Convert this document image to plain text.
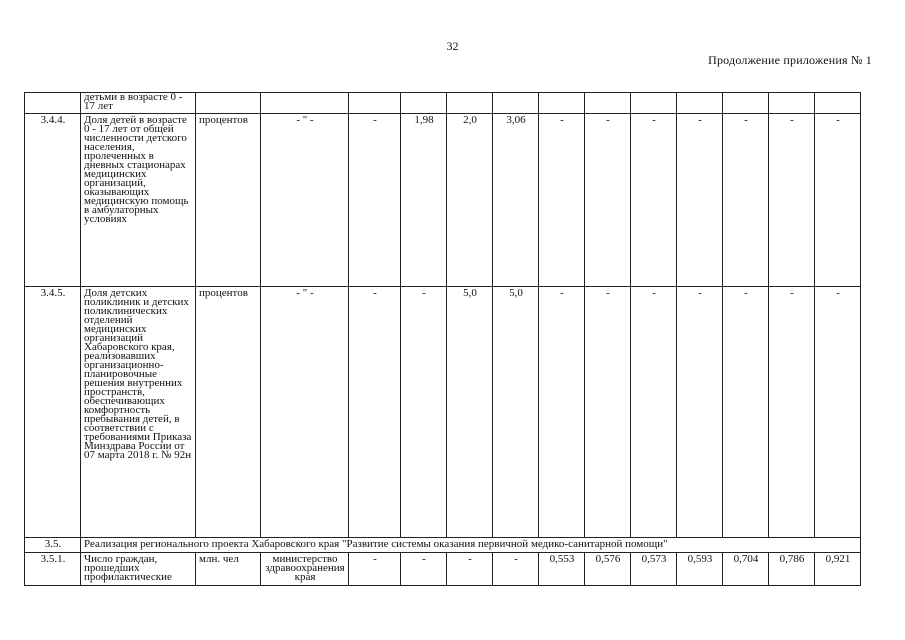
32
Продолжение приложения № 1
	детьми в возрасте 0 - 17 лет													
3.4.4.	Доля детей в возрасте 0 - 17 лет от общей численности детского населения, пролеченных в дневных стационарах медицинских организаций, оказывающих медицинскую помощь в амбулаторных условиях	процентов	- " -	-	1,98	2,0	3,06	-	-	-	-	-	-	-
3.4.5.	Доля детских поликлиник и детских поликлинических отделений медицинских организаций Хабаровского края, реализовавших организационно-планировочные решения внутренних пространств, обеспечивающих комфортность пребывания детей, в соответствии с требованиями Приказа Минздрава России от 07 марта 2018 г. № 92н	процентов	- " -	-	-	5,0	5,0	-	-	-	-	-	-	-
3.5.	Реализация регионального проекта Хабаровского края "Развитие системы оказания первичной медико-санитарной помощи"													
3.5.1.	Число граждан, прошедших профилактические	млн. чел	министерство здравоохранения края	-	-	-	-	0,553	0,576	0,573	0,593	0,704	0,786	0,921
